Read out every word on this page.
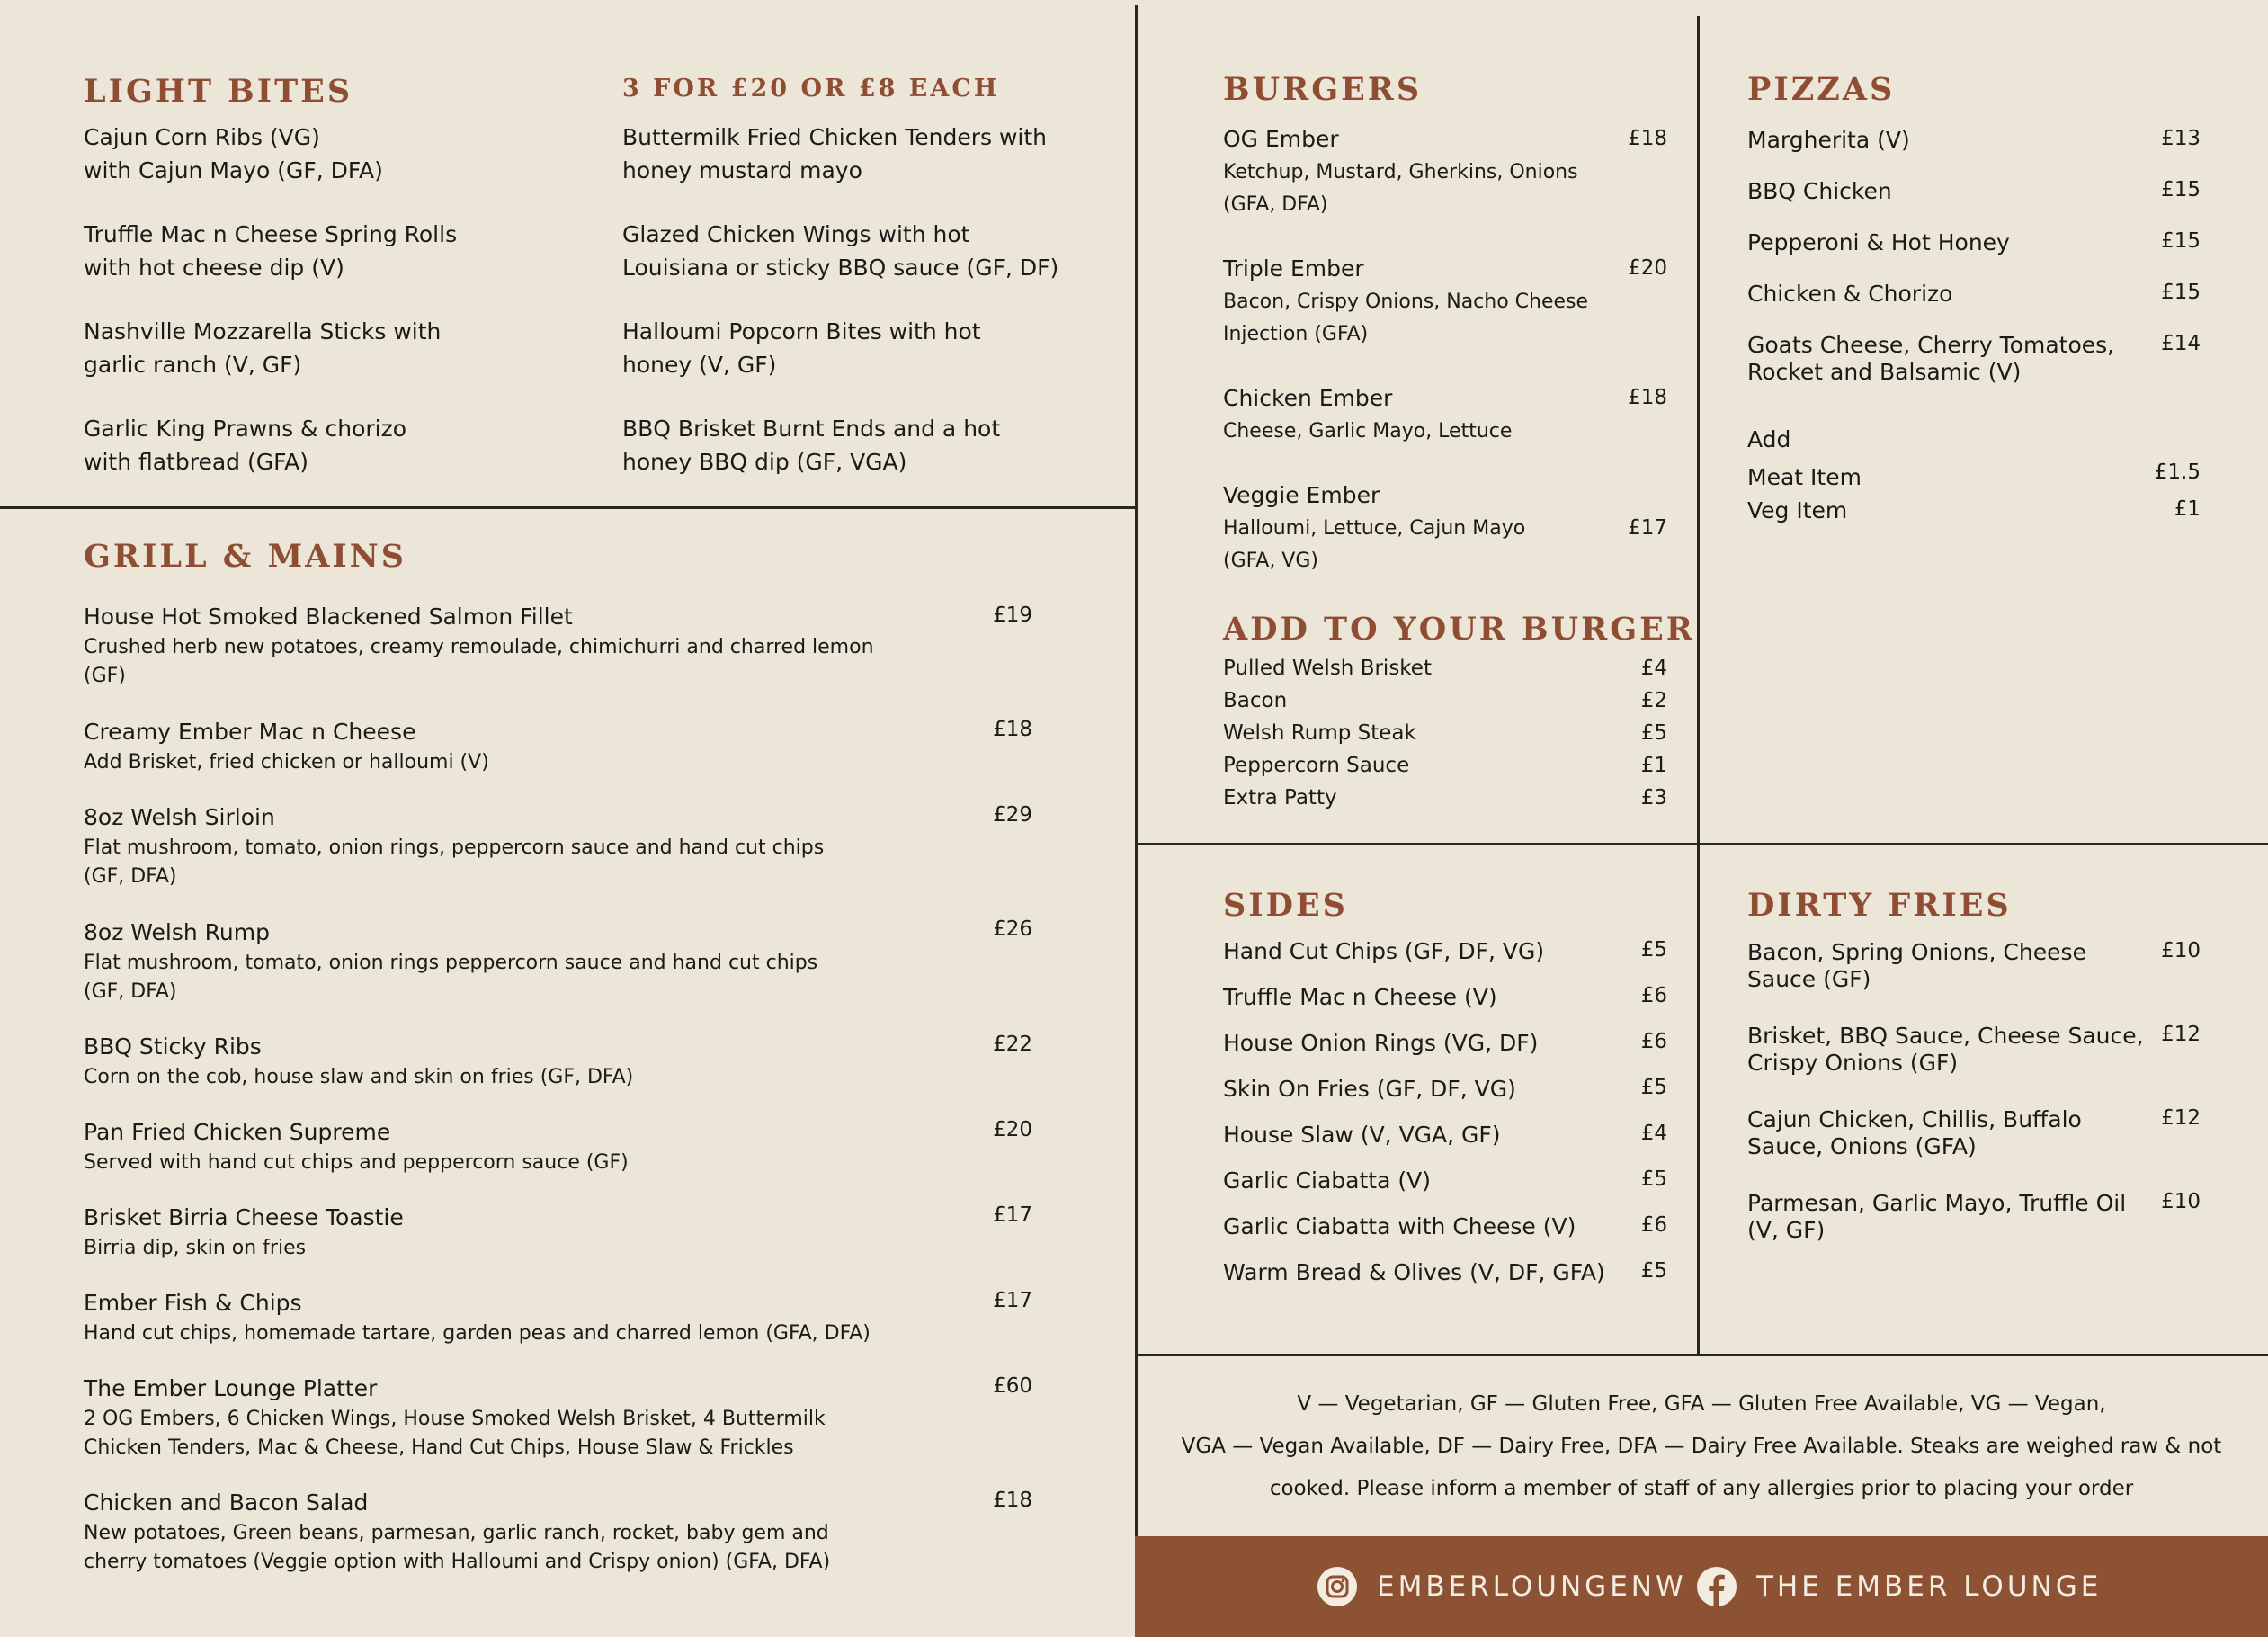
LIGHT BITES	3 FOR £20 OR £8 EACH
Cajun Corn Ribs (VG)
with Cajun Mayo (GF, DFA)
Truffle Mac n Cheese Spring Rolls
with hot cheese dip (V)
Nashville Mozzarella Sticks with
garlic ranch (V, GF)
Garlic King Prawns & chorizo
with flatbread (GFA)
Buttermilk Fried Chicken Tenders with
honey mustard mayo
Glazed Chicken Wings with hot
Louisiana or sticky BBQ sauce (GF, DF)
Halloumi Popcorn Bites with hot
honey (V, GF)
BBQ Brisket Burnt Ends and a hot
honey BBQ dip (GF, VGA)
GRILL & MAINS
House Hot Smoked Blackened Salmon Fillet
Crushed herb new potatoes, creamy remoulade, chimichurri and charred lemon
(GF)
£19
Creamy Ember Mac n Cheese
Add Brisket, fried chicken or halloumi (V)
£18
8oz Welsh Sirloin
Flat mushroom, tomato, onion rings, peppercorn sauce and hand cut chips
(GF, DFA)
£29
8oz Welsh Rump
Flat mushroom, tomato, onion rings peppercorn sauce and hand cut chips
(GF, DFA)
£26
BBQ Sticky Ribs
Corn on the cob, house slaw and skin on fries (GF, DFA)
£22
Pan Fried Chicken Supreme
Served with hand cut chips and peppercorn sauce (GF)
£20
Brisket Birria Cheese Toastie
Birria dip, skin on fries
£17
Ember Fish & Chips
Hand cut chips, homemade tartare, garden peas and charred lemon (GFA, DFA)
£17
The Ember Lounge Platter
2 OG Embers, 6 Chicken Wings, House Smoked Welsh Brisket, 4 Buttermilk
Chicken Tenders, Mac & Cheese, Hand Cut Chips, House Slaw & Frickles
£60
Chicken and Bacon Salad
New potatoes, Green beans, parmesan, garlic ranch, rocket, baby gem and
cherry tomatoes (Veggie option with Halloumi and Crispy onion) (GFA, DFA)
£18
BURGERS
OG Ember
Ketchup, Mustard, Gherkins, Onions
(GFA, DFA)
£18
Triple Ember
Bacon, Crispy Onions, Nacho Cheese
Injection (GFA)
£20
Chicken Ember
Cheese, Garlic Mayo, Lettuce
£18
Veggie Ember
Halloumi, Lettuce, Cajun Mayo
(GFA, VG)
£17
ADD TO YOUR BURGER
Pulled Welsh Brisket	£4
Bacon	£2
Welsh Rump Steak	£5
Peppercorn Sauce	£1
Extra Patty	£3
PIZZAS
Margherita (V)	£13
BBQ Chicken	£15
Pepperoni & Hot Honey	£15
Chicken & Chorizo	£15
Goats Cheese, Cherry Tomatoes,
Rocket and Balsamic (V)
£14
Add
Meat Item	£1.5
Veg Item	£1
SIDES
Hand Cut Chips (GF, DF, VG)	£5
Truffle Mac n Cheese (V)	£6
House Onion Rings (VG, DF)	£6
Skin On Fries (GF, DF, VG)	£5
House Slaw (V, VGA, GF)	£4
Garlic Ciabatta (V)	£5
Garlic Ciabatta with Cheese (V)	£6
Warm Bread & Olives (V, DF, GFA) £5
DIRTY FRIES
Bacon, Spring Onions, Cheese
Sauce (GF)
£10
Brisket, BBQ Sauce, Cheese Sauce,
Crispy Onions (GF)
£12
Cajun Chicken, Chillis, Buffalo
Sauce, Onions (GFA)
£12
Parmesan, Garlic Mayo, Truffle Oil
(V, GF)
£10
V — Vegetarian, GF — Gluten Free, GFA — Gluten Free Available, VG — Vegan,
VGA — Vegan Available, DF — Dairy Free, DFA — Dairy Free Available. Steaks are weighed raw & not
cooked. Please inform a member of staff of any allergies prior to placing your order
EMBERLOUNGENW THE EMBER LOUNGE
